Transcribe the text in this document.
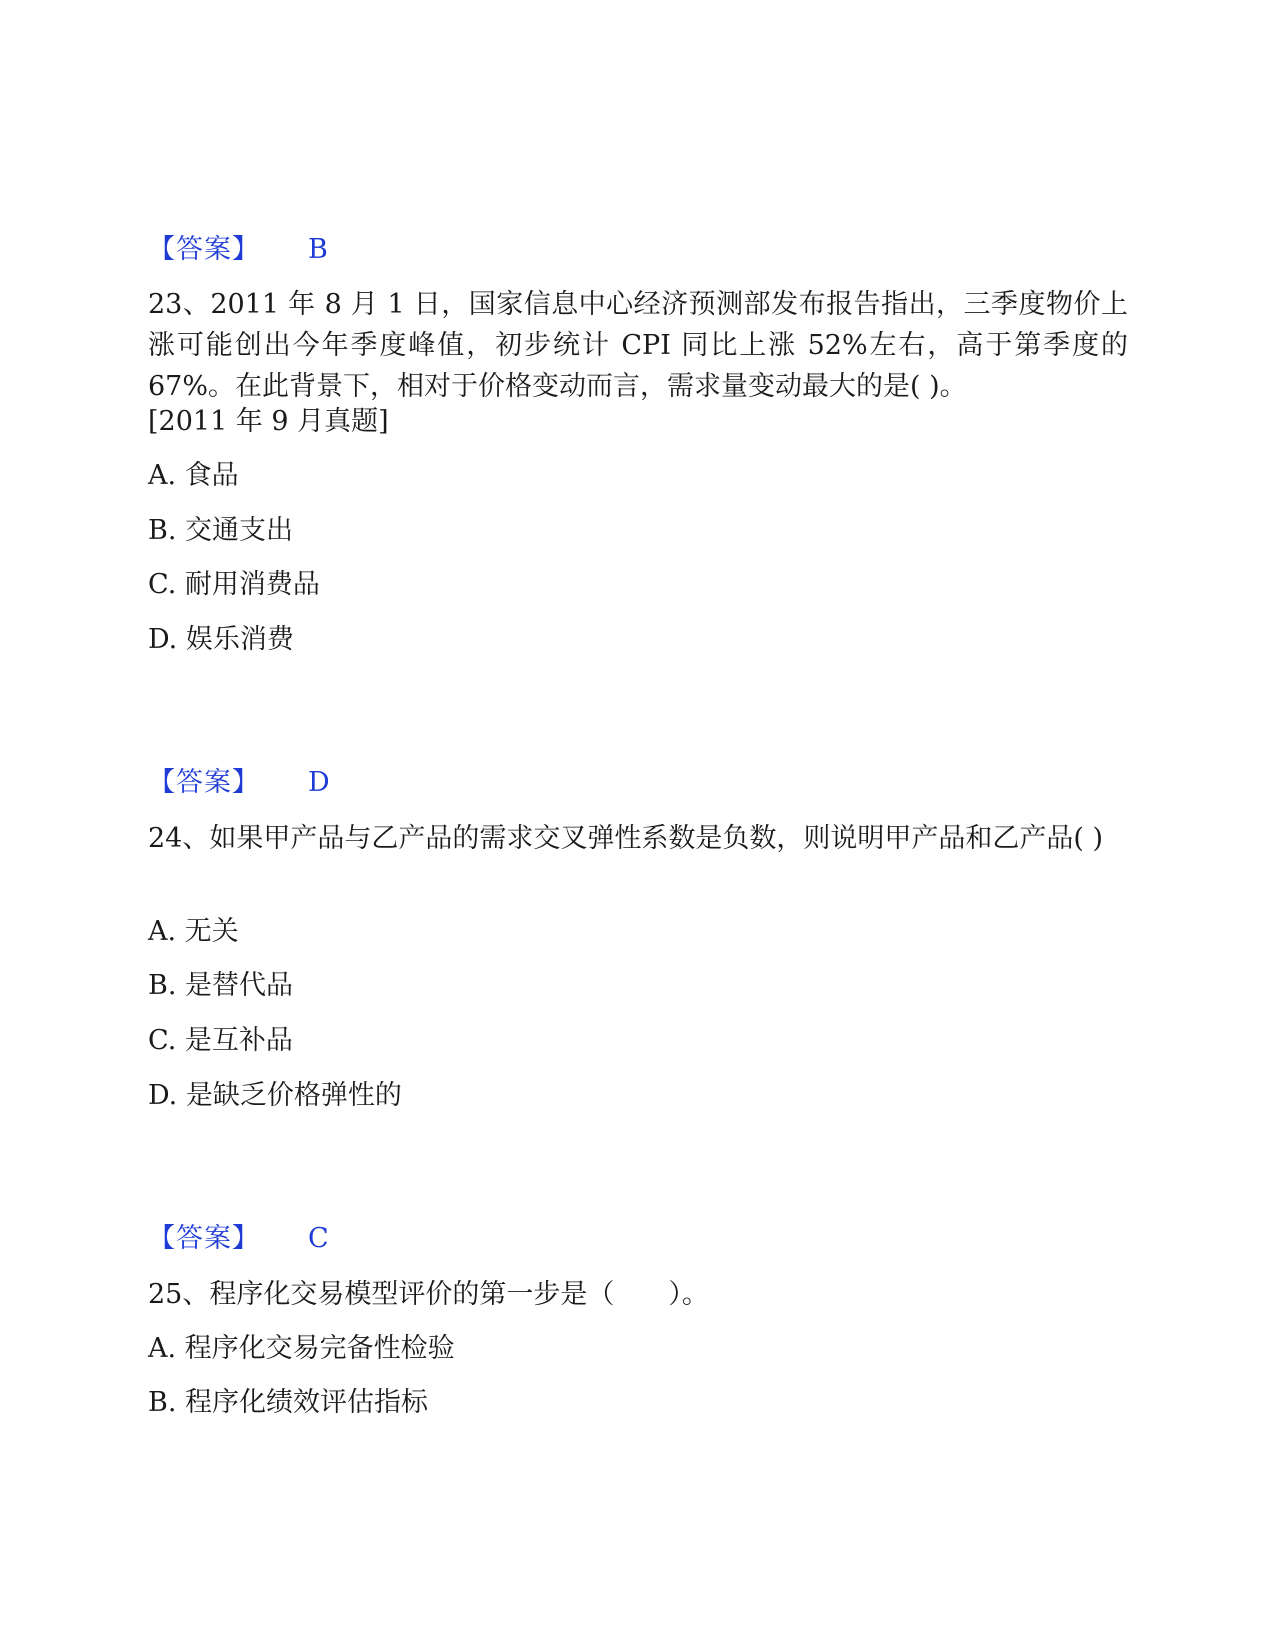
【答案】 B
23、2011 年 8 月 1 日，国家信息中心经济预测部发布报告指出，三季度物价上涨可能创出今年季度峰值，初步统计 CPI 同比上涨 52%左右，高于第季度的 67%。在此背景下，相对于价格变动而言，需求量变动最大的是( )。
[2011 年 9 月真题]
A. 食品
B. 交通支出
C. 耐用消费品
D. 娱乐消费
【答案】 D
24、如果甲产品与乙产品的需求交叉弹性系数是负数，则说明甲产品和乙产品( )
A. 无关
B. 是替代品
C. 是互补品
D. 是缺乏价格弹性的
【答案】 C
25、程序化交易模型评价的第一步是（　　）。
A. 程序化交易完备性检验
B. 程序化绩效评估指标
